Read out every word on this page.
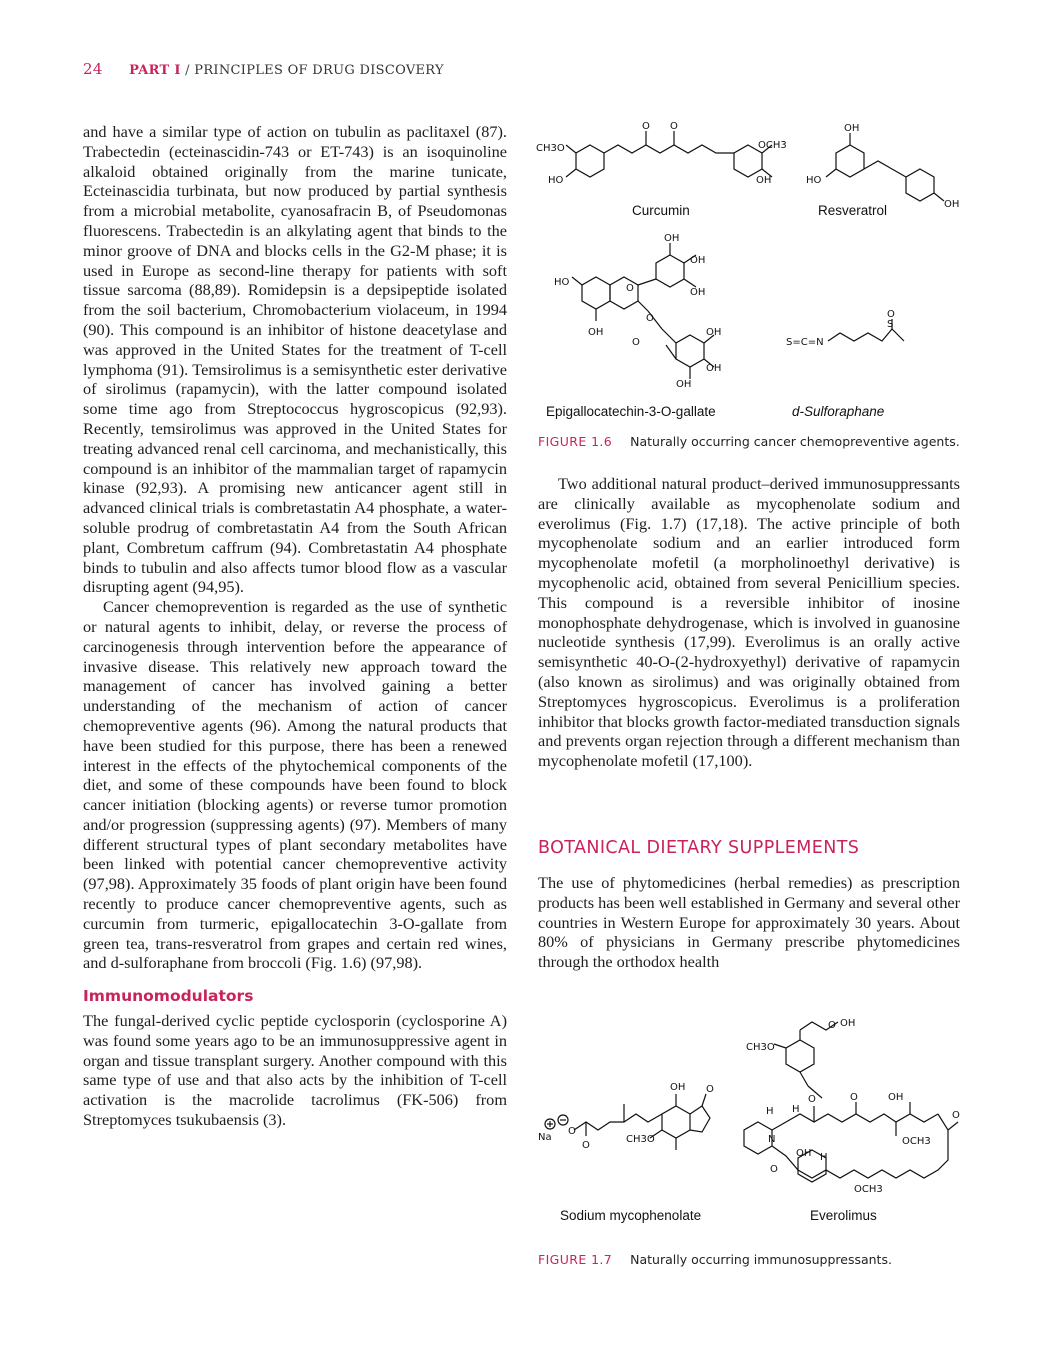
24 PART I / PRINCIPLES OF DRUG DISCOVERY

and have a similar type of action on tubulin as paclitaxel (87). Trabectedin (ecteinascidin-743 or ET-743) is an isoquinoline alkaloid obtained originally from the marine tunicate, Ecteinascidia turbinata, but now produced by partial synthesis from a microbial metabolite, cyanosafracin B, of Pseudomonas fluorescens. Trabectedin is an alkylating agent that binds to the minor groove of DNA and blocks cells in the G2-M phase; it is used in Europe as second-line therapy for patients with soft tissue sarcoma (88,89). Romidepsin is a depsipeptide isolated from the soil bacterium, Chromobacterium violaceum, in 1994 (90). This compound is an inhibitor of histone deacetylase and was approved in the United States for the treatment of T-cell lymphoma (91). Temsirolimus is a semisynthetic ester derivative of sirolimus (rapamycin), with the latter compound isolated some time ago from Streptococcus hygroscopicus (92,93). Recently, temsirolimus was approved in the United States for treating advanced renal cell carcinoma, and mechanistically, this compound is an inhibitor of the mammalian target of rapamycin kinase (92,93). A promising new anticancer agent still in advanced clinical trials is combretastatin A4 phosphate, a water-soluble prodrug of combretastatin A4 from the South African plant, Combretum caffrum (94). Combretastatin A4 phosphate binds to tubulin and also affects tumor blood flow as a vascular disrupting agent (94,95).

Cancer chemoprevention is regarded as the use of synthetic or natural agents to inhibit, delay, or reverse the process of carcinogenesis through intervention before the appearance of invasive disease. This relatively new approach toward the management of cancer has involved gaining a better understanding of the mechanism of action of cancer chemopreventive agents (96). Among the natural products that have been studied for this purpose, there has been a renewed interest in the effects of the phytochemical components of the diet, and some of these compounds have been found to block cancer initiation (blocking agents) or reverse tumor promotion and/or progression (suppressing agents) (97). Members of many different structural types of plant secondary metabolites have been linked with potential cancer chemopreventive activity (97,98). Approximately 35 foods of plant origin have been found recently to produce cancer chemopreventive agents, such as curcumin from turmeric, epigallocatechin 3-O-gallate from green tea, trans-resveratrol from grapes and certain red wines, and d-sulforaphane from broccoli (Fig. 1.6) (97,98).

Immunomodulators

The fungal-derived cyclic peptide cyclosporin (cyclosporine A) was found some years ago to be an immunosuppressive agent in organ and tissue transplant surgery. Another compound with this same type of use and that also acts by the inhibition of T-cell activation is the macrolide tacrolimus (FK-506) from Streptomyces tsukubaensis (3).

CH3O
HO
O O
OCH3
OH
Curcumin
OH
HO
OH
Resveratrol
HO
OH
O
OH
OH
OH
O
O
OH
OH
OH
Epigallocatechin-3-O-gallate
S=C=N
S
O
d-Sulforaphane
FIGURE 1.6 Naturally occurring cancer chemopreventive agents.

Two additional natural product–derived immunosuppressants are clinically available as mycophenolate sodium and everolimus (Fig. 1.7) (17,18). The active principle of both mycophenolate sodium and an earlier introduced form mycophenolate mofetil (a morpholinoethyl derivative) is mycophenolic acid, obtained from several Penicillium species. This compound is a reversible inhibitor of inosine monophosphate dehydrogenase, which is involved in guanosine nucleotide synthesis (17,99). Everolimus is an orally active semisynthetic 40-O-(2-hydroxyethyl) derivative of rapamycin (also known as sirolimus) and was originally obtained from Streptomyces hygroscopicus. Everolimus is a proliferation inhibitor that blocks growth factor-mediated transduction signals and prevents organ rejection through a different mechanism than mycophenolate mofetil (17,100).

BOTANICAL DIETARY SUPPLEMENTS

The use of phytomedicines (herbal remedies) as prescription products has been well established in Germany and several other countries in Western Europe for approximately 30 years. About 80% of physicians in Germany prescribe phytomedicines through the orthodox health

Na
O
O
OH O
CH3O
Sodium mycophenolate
O OH
CH3O
H H
N
O	O	OH
O
OCH3
OH H
O
OCH3
Everolimus
FIGURE 1.7 Naturally occurring immunosuppressants.
